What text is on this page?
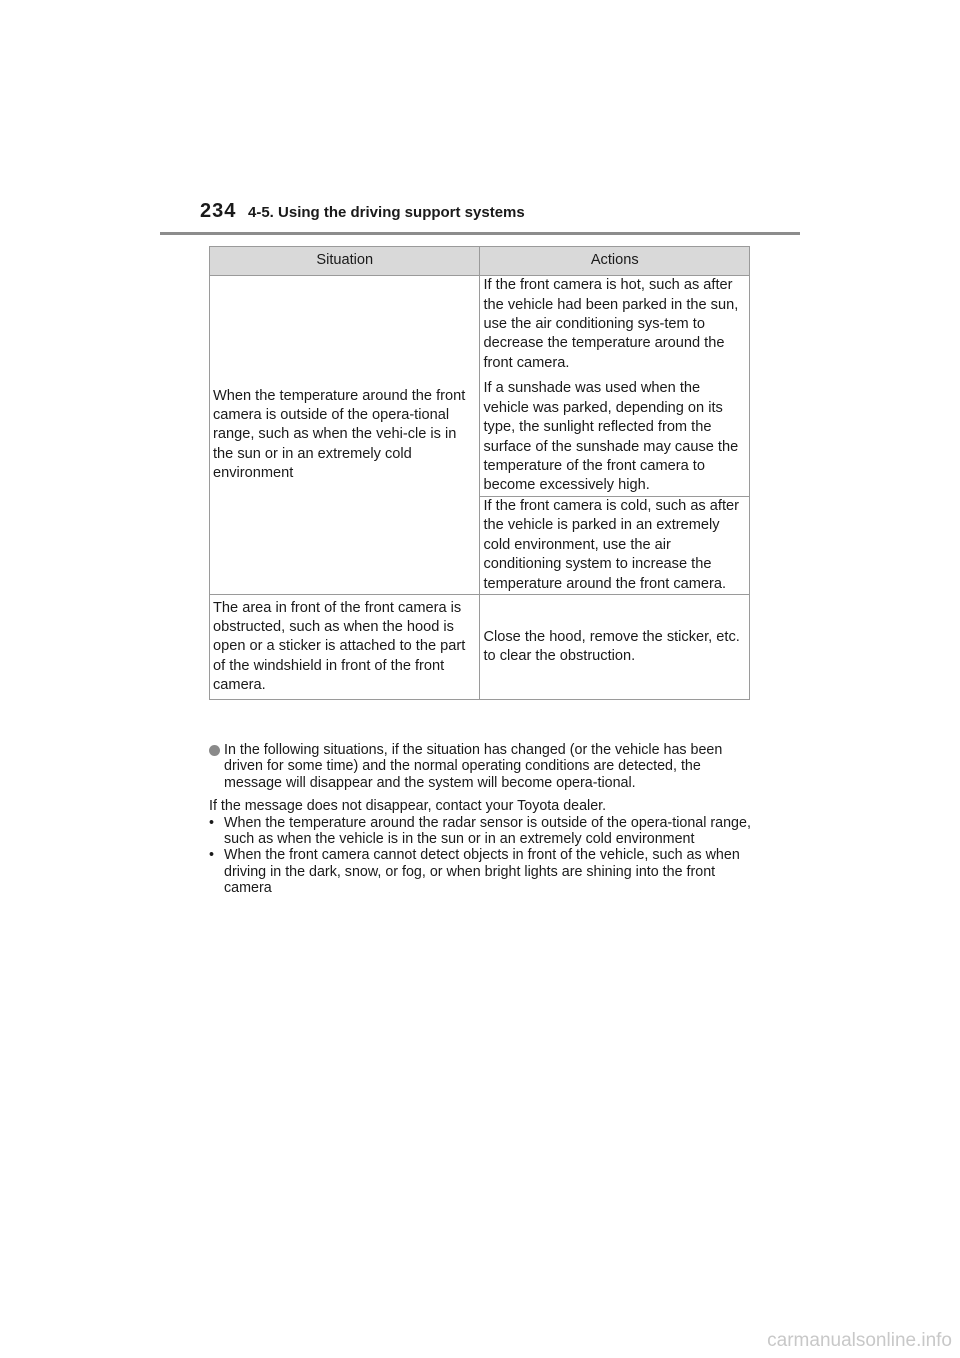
234 4-5. Using the driving support systems
Situation	Actions
When the temperature around the front camera is outside of the opera-tional range, such as when the vehi-cle is in the sun or in an extremely cold environment	If the front camera is hot, such as after the vehicle had been parked in the sun, use the air conditioning sys-tem to decrease the temperature around the front camera.

If a sunshade was used when the vehicle was parked, depending on its type, the sunlight reflected from the surface of the sunshade may cause the temperature of the front camera to become excessively high.

	If the front camera is cold, such as after the vehicle is parked in an extremely cold environment, use the air conditioning system to increase the temperature around the front camera.

The area in front of the front camera is obstructed, such as when the hood is open or a sticker is attached to the part of the windshield in front of the front camera.	Close the hood, remove the sticker, etc. to clear the obstruction.

In the following situations, if the situation has changed (or the vehicle has been driven for some time) and the normal operating conditions are detected, the message will disappear and the system will become opera-tional.

If the message does not disappear, contact your Toyota dealer.

• When the temperature around the radar sensor is outside of the opera-tional range, such as when the vehicle is in the sun or in an extremely cold environment
• When the front camera cannot detect objects in front of the vehicle, such as when driving in the dark, snow, or fog, or when bright lights are shining into the front camera
carmanualsonline.info
